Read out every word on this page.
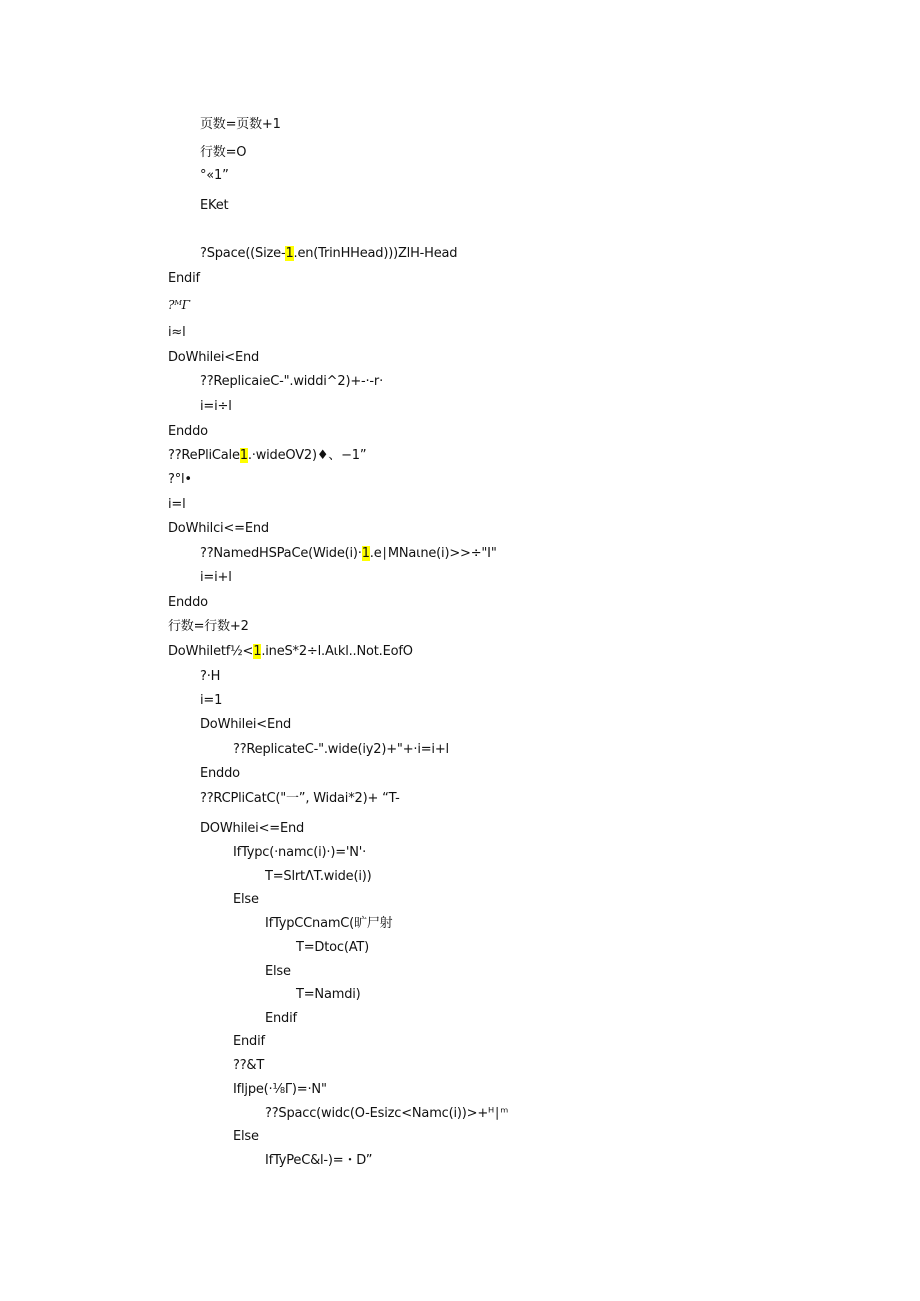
页数=页数+1
行数=O
°«1”
EKet
?Space((Size-1.en(TrinHHead)))ZlH-Head
Endif
?ᴹΓ
i≈l
DoWhilei<End
??ReplicaieC-".widdi^2)+-‧-r‧
i=i÷l
Enddo
??RePliCale1.‧wideOV2)♦、−1”
?°l•
i=l
DoWhilci<=End
??NamedHSPaCe(Wide(i)‧1.e∣MNaιne(i)>>÷"I"
i=i+l
Enddo
行数=行数+2
DoWhiletf½<1.ineS*2÷l.Aιkl..Not.EofO
?‧H
i=1
DoWhilei<End
??ReplicateC-".wide(iy2)+"+‧i=i+l
Enddo
??RCPliCatC("一”, Widai*2)+ “T-
DOWhilei<=End
IfTypc(‧namc(i)‧)='N'‧
T=SlrtΛT.wide(i))
Else
IfTypCCnamC(旷尸射
T=Dtoc(AT)
Else
T=Namdi)
Endif
Endif
??&T
Ifljpe(‧⅛Γ)=‧N"
??Spacc(widc(O-Esizc<Namc(i))>+ᴴ∣ᵐ
Else
IfTyPeC&l-)=・D”
